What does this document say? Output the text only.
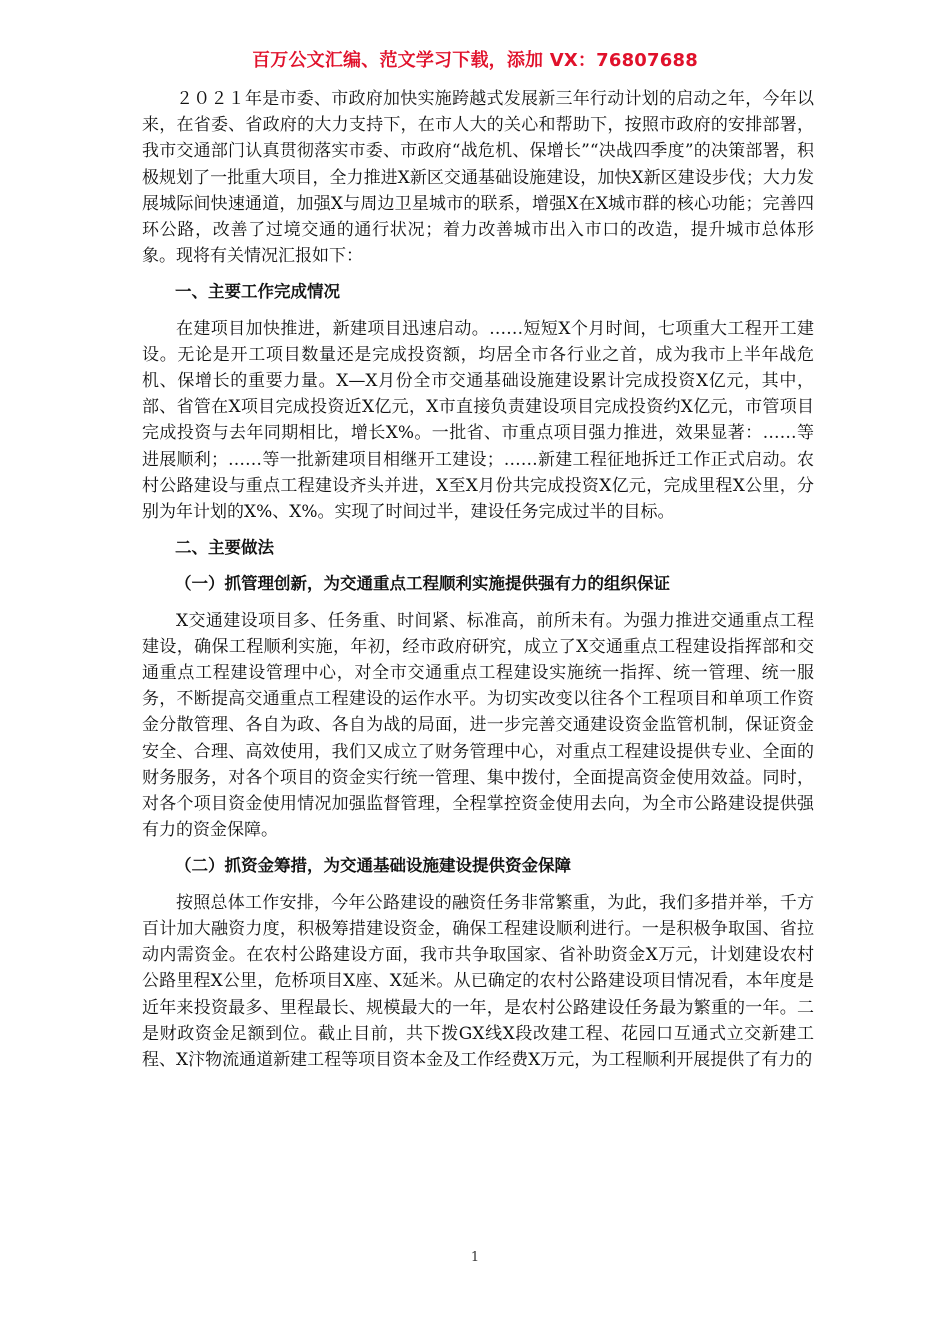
百万公文汇编、范文学习下载，添加 VX：76807688

２０２１年是市委、市政府加快实施跨越式发展新三年行动计划的启动之年，今年以来，在省委、省政府的大力支持下，在市人大的关心和帮助下，按照市政府的安排部署，我市交通部门认真贯彻落实市委、市政府“战危机、保增长”“决战四季度”的决策部署，积极规划了一批重大项目，全力推进X新区交通基础设施建设，加快X新区建设步伐；大力发展城际间快速通道，加强X与周边卫星城市的联系，增强X在X城市群的核心功能；完善四环公路，改善了过境交通的通行状况；着力改善城市出入市口的改造，提升城市总体形象。现将有关情况汇报如下：

一、主要工作完成情况

在建项目加快推进，新建项目迅速启动。……短短X个月时间，七项重大工程开工建设。无论是开工项目数量还是完成投资额，均居全市各行业之首，成为我市上半年战危机、保增长的重要力量。X—X月份全市交通基础设施建设累计完成投资X亿元，其中，部、省管在X项目完成投资近X亿元，X市直接负责建设项目完成投资约X亿元，市管项目完成投资与去年同期相比，增长X%。一批省、市重点项目强力推进，效果显著：……等进展顺利；……等一批新建项目相继开工建设；……新建工程征地拆迁工作正式启动。农村公路建设与重点工程建设齐头并进，X至X月份共完成投资X亿元，完成里程X公里，分别为年计划的X%、X%。实现了时间过半，建设任务完成过半的目标。

二、主要做法

（一）抓管理创新，为交通重点工程顺利实施提供强有力的组织保证

X交通建设项目多、任务重、时间紧、标准高，前所未有。为强力推进交通重点工程建设，确保工程顺利实施，年初，经市政府研究，成立了X交通重点工程建设指挥部和交通重点工程建设管理中心，对全市交通重点工程建设实施统一指挥、统一管理、统一服务，不断提高交通重点工程建设的运作水平。为切实改变以往各个工程项目和单项工作资金分散管理、各自为政、各自为战的局面，进一步完善交通建设资金监管机制，保证资金安全、合理、高效使用，我们又成立了财务管理中心，对重点工程建设提供专业、全面的财务服务，对各个项目的资金实行统一管理、集中拨付，全面提高资金使用效益。同时，对各个项目资金使用情况加强监督管理，全程掌控资金使用去向，为全市公路建设提供强有力的资金保障。

（二）抓资金筹措，为交通基础设施建设提供资金保障

按照总体工作安排，今年公路建设的融资任务非常繁重，为此，我们多措并举，千方百计加大融资力度，积极筹措建设资金，确保工程建设顺利进行。一是积极争取国、省拉动内需资金。在农村公路建设方面，我市共争取国家、省补助资金X万元，计划建设农村公路里程X公里，危桥项目X座、X延米。从已确定的农村公路建设项目情况看，本年度是近年来投资最多、里程最长、规模最大的一年，是农村公路建设任务最为繁重的一年。二是财政资金足额到位。截止目前，共下拨GX线X段改建工程、花园口互通式立交新建工程、X汴物流通道新建工程等项目资本金及工作经费X万元，为工程顺利开展提供了有力的

1
